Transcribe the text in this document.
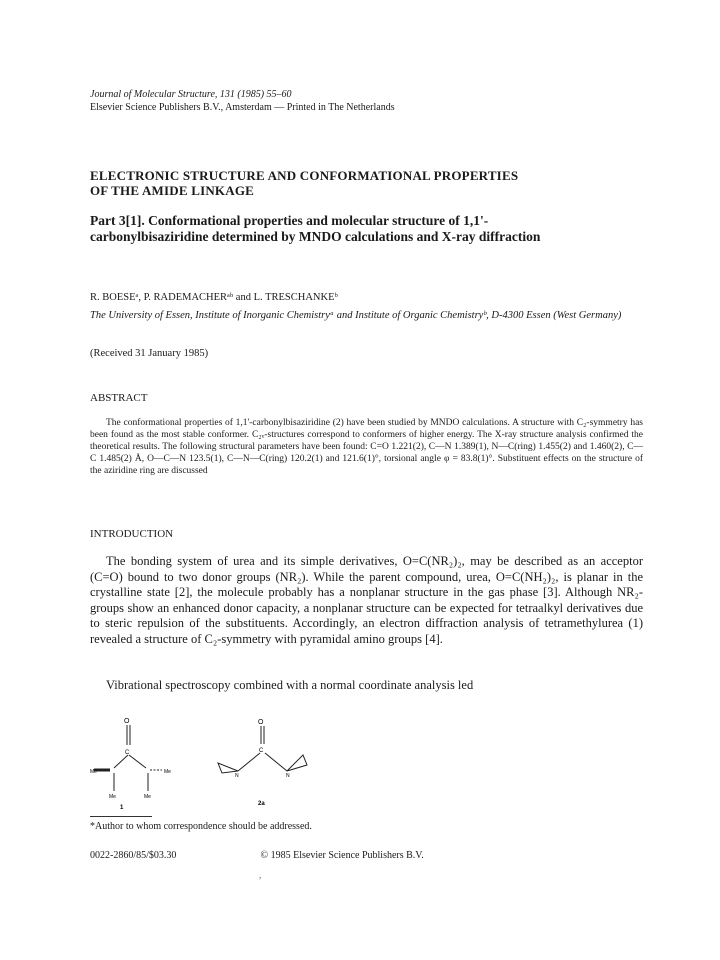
Journal of Molecular Structure, 131 (1985) 55–60
Elsevier Science Publishers B.V., Amsterdam — Printed in The Netherlands
ELECTRONIC STRUCTURE AND CONFORMATIONAL PROPERTIES
OF THE AMIDE LINKAGE
Part 3[1]. Conformational properties and molecular structure of 1,1'-carbonylbisaziridine determined by MNDO calculations and X-ray diffraction
R. BOESEᵃ, P. RADEMACHERᵃᵇ and L. TRESCHANKEᵇ
The University of Essen, Institute of Inorganic Chemistryᵃ and Institute of Organic Chemistryᵇ, D-4300 Essen (West Germany)
(Received 31 January 1985)
ABSTRACT
The conformational properties of 1,1'-carbonylbisaziridine (2) have been studied by MNDO calculations. A structure with C₂-symmetry has been found as the most stable conformer. C₂ᵥ-structures correspond to conformers of higher energy. The X-ray structure analysis confirmed the theoretical results. The following structural parameters have been found: C=O 1.221(2), C—N 1.389(1), N—C(ring) 1.455(2) and 1.460(2), C—C 1.485(2) Å, O—C—N 123.5(1), C—N—C(ring) 120.2(1) and 121.6(1)°, torsional angle φ = 83.8(1)°. Substituent effects on the structure of the aziridine ring are discussed
INTRODUCTION
The bonding system of urea and its simple derivatives, O=C(NR₂)₂, may be described as an acceptor (C=O) bound to two donor groups (NR₂). While the parent compound, urea, O=C(NH₂)₂, is planar in the crystalline state [2], the molecule probably has a nonplanar structure in the gas phase [3]. Although NR₂-groups show an enhanced donor capacity, a nonplanar structure can be expected for tetraalkyl derivatives due to steric repulsion of the substituents. Accordingly, an electron diffraction analysis of tetramethylurea (1) revealed a structure of C₂-symmetry with pyramidal amino groups [4].
Vibrational spectroscopy combined with a normal coordinate analysis led
O
C
Me	Me
Me	Me
1
O
C
N	N
2a
*Author to whom correspondence should be addressed.
0022-2860/85/$03.30	© 1985 Elsevier Science Publishers B.V.
,
